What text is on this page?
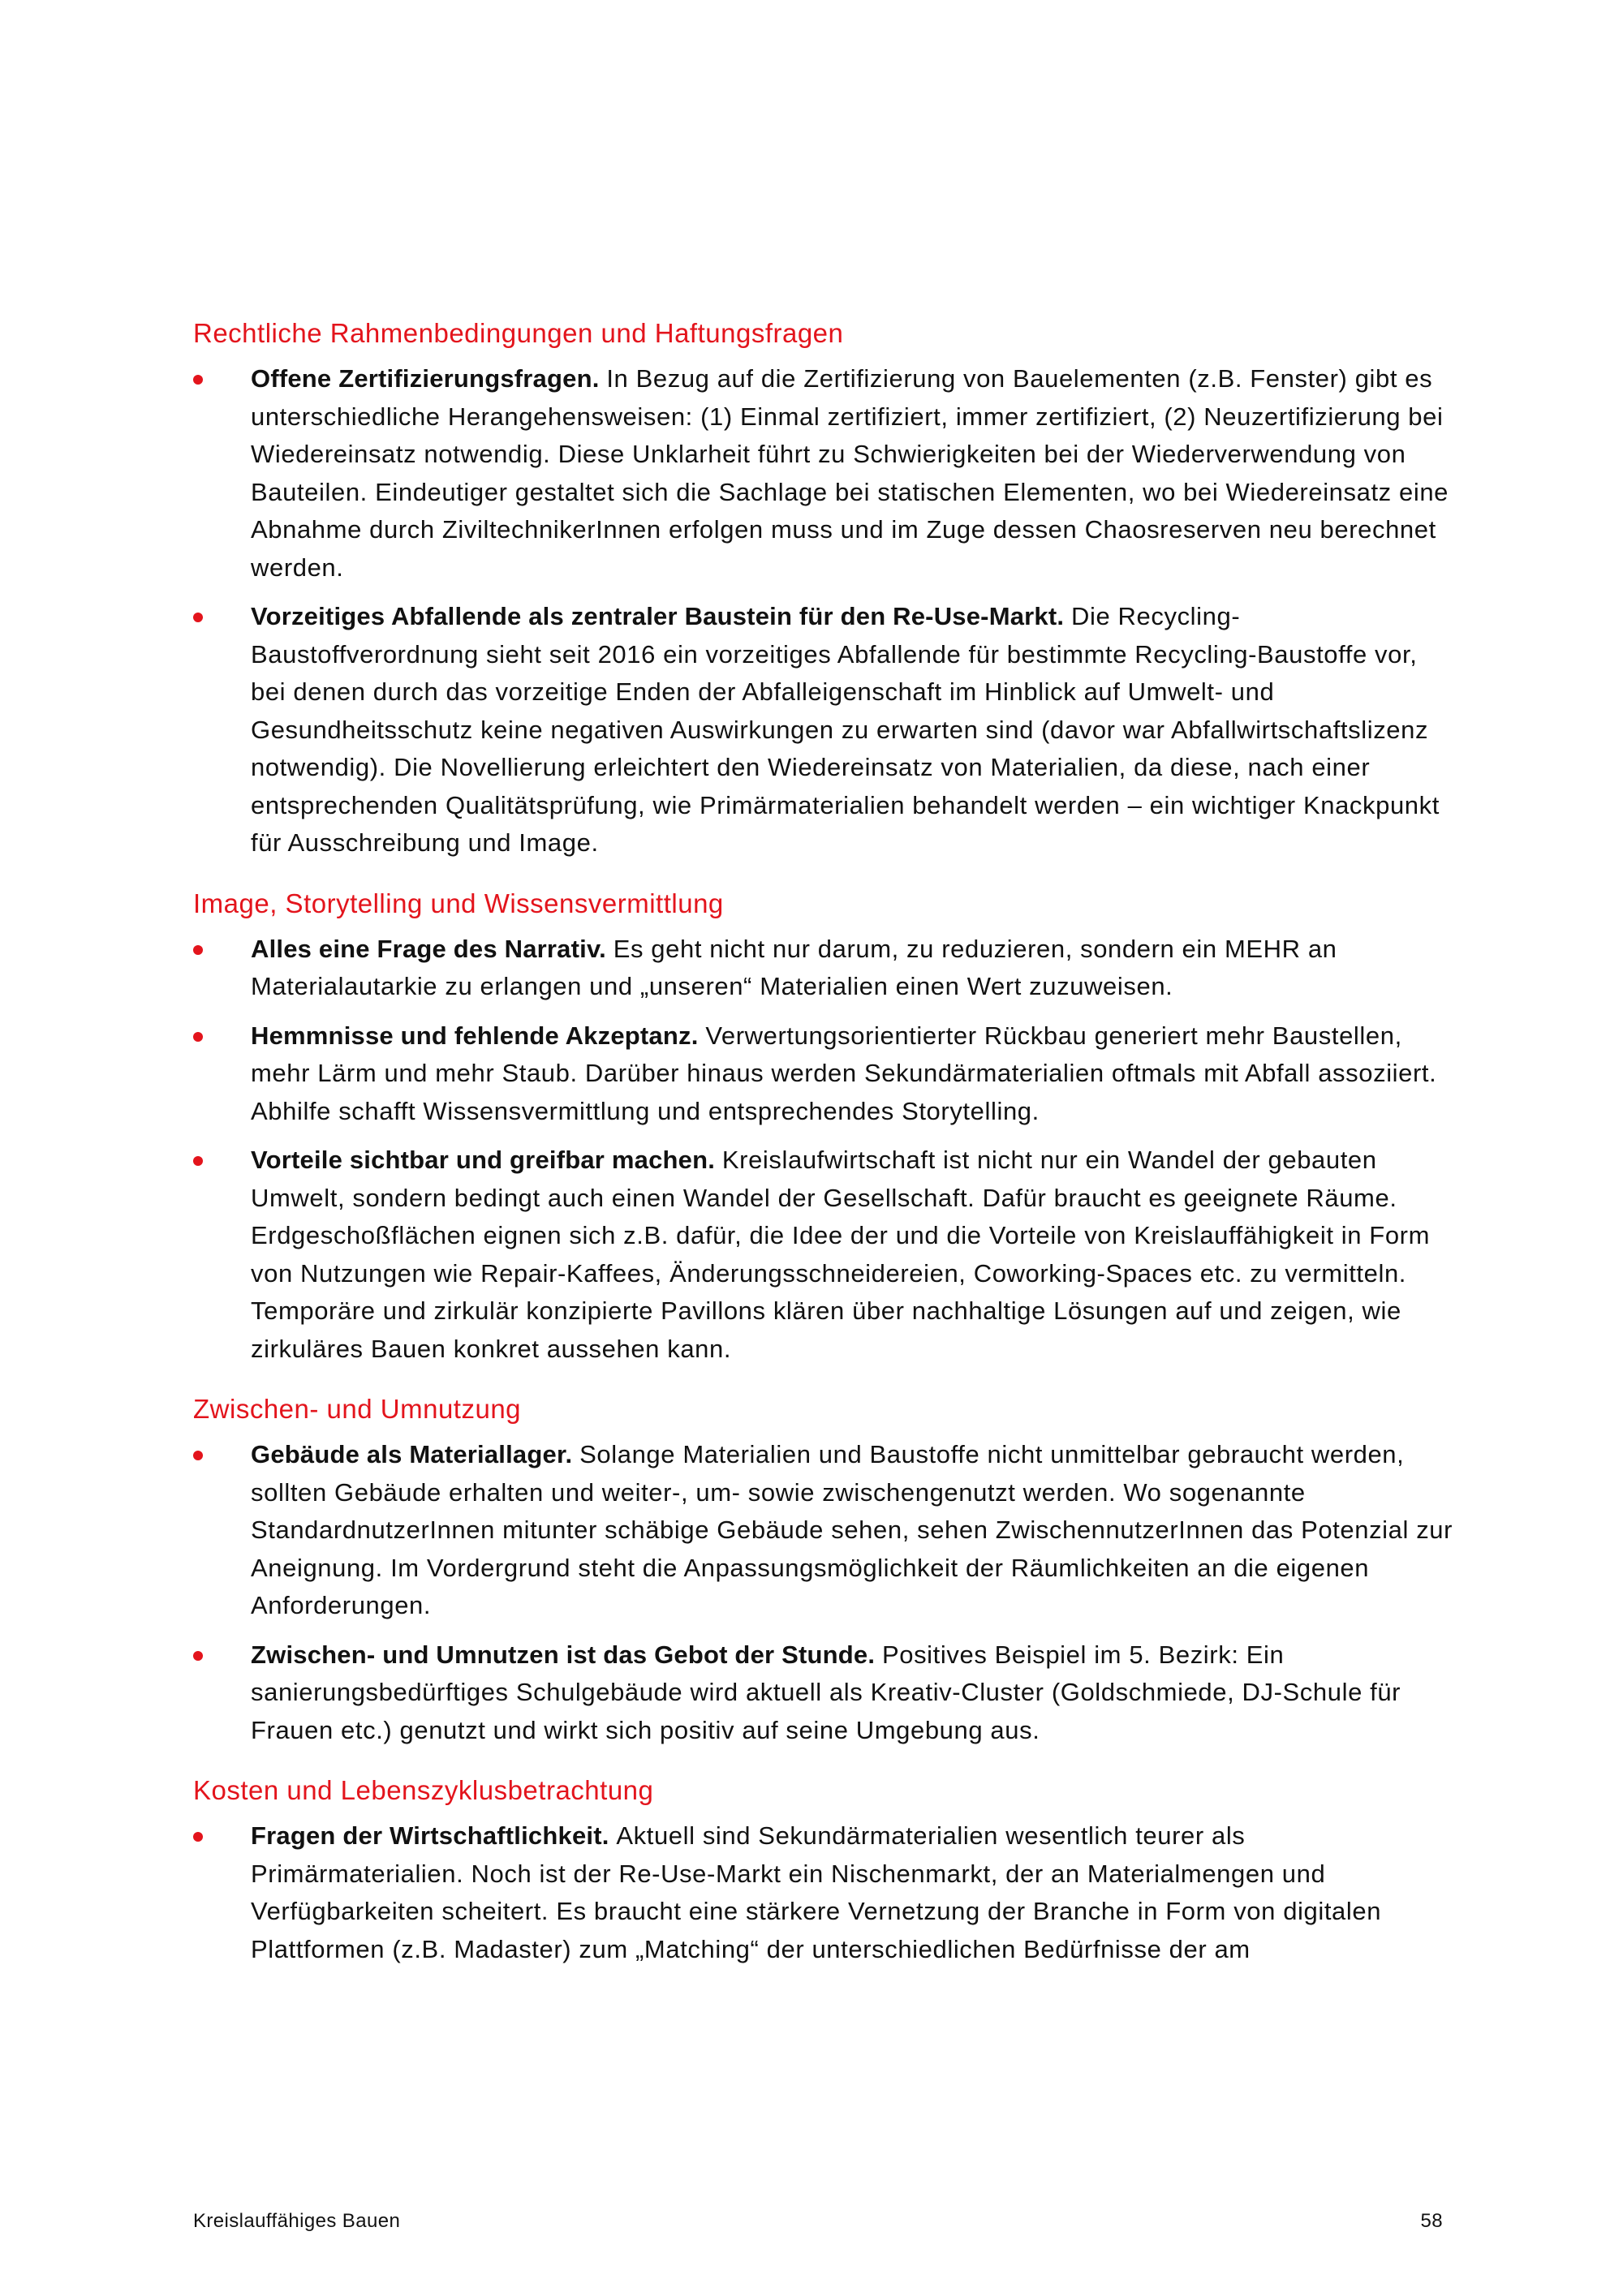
Rechtliche Rahmenbedingungen und Haftungsfragen
Offene Zertifizierungsfragen. In Bezug auf die Zertifizierung von Bauelementen (z.B. Fenster) gibt es unterschiedliche Herangehensweisen: (1) Einmal zertifiziert, immer zertifiziert, (2) Neuzertifizierung bei Wiedereinsatz notwendig. Diese Unklarheit führt zu Schwierigkeiten bei der Wiederverwendung von Bauteilen. Eindeutiger gestaltet sich die Sachlage bei statischen Elementen, wo bei Wiedereinsatz eine Abnahme durch ZiviltechnikerInnen erfolgen muss und im Zuge dessen Chaosreserven neu berechnet werden.
Vorzeitiges Abfallende als zentraler Baustein für den Re-Use-Markt. Die Recycling-Baustoffverordnung sieht seit 2016 ein vorzeitiges Abfallende für bestimmte Recycling-Baustoffe vor, bei denen durch das vorzeitige Enden der Abfalleigenschaft im Hinblick auf Umwelt- und Gesundheitsschutz keine negativen Auswirkungen zu erwarten sind (davor war Abfallwirtschaftslizenz notwendig). Die Novellierung erleichtert den Wiedereinsatz von Materialien, da diese, nach einer entsprechenden Qualitätsprüfung, wie Primärmaterialien behandelt werden – ein wichtiger Knackpunkt für Ausschreibung und Image.
Image, Storytelling und Wissensvermittlung
Alles eine Frage des Narrativ. Es geht nicht nur darum, zu reduzieren, sondern ein MEHR an Materialautarkie zu erlangen und „unseren“ Materialien einen Wert zuzuweisen.
Hemmnisse und fehlende Akzeptanz. Verwertungsorientierter Rückbau generiert mehr Baustellen, mehr Lärm und mehr Staub. Darüber hinaus werden Sekundärmaterialien oftmals mit Abfall assoziiert. Abhilfe schafft Wissensvermittlung und entsprechendes Storytelling.
Vorteile sichtbar und greifbar machen. Kreislaufwirtschaft ist nicht nur ein Wandel der gebauten Umwelt, sondern bedingt auch einen Wandel der Gesellschaft. Dafür braucht es geeignete Räume. Erdgeschoßflächen eignen sich z.B. dafür, die Idee der und die Vorteile von Kreislauffähigkeit in Form von Nutzungen wie Repair-Kaffees, Änderungsschneidereien, Coworking-Spaces etc. zu vermitteln. Temporäre und zirkulär konzipierte Pavillons klären über nachhaltige Lösungen auf und zeigen, wie zirkuläres Bauen konkret aussehen kann.
Zwischen- und Umnutzung
Gebäude als Materiallager. Solange Materialien und Baustoffe nicht unmittelbar gebraucht werden, sollten Gebäude erhalten und weiter-, um- sowie zwischengenutzt werden. Wo sogenannte StandardnutzerInnen mitunter schäbige Gebäude sehen, sehen ZwischennutzerInnen das Potenzial zur Aneignung. Im Vordergrund steht die Anpassungsmöglichkeit der Räumlichkeiten an die eigenen Anforderungen.
Zwischen- und Umnutzen ist das Gebot der Stunde. Positives Beispiel im 5. Bezirk: Ein sanierungsbedürftiges Schulgebäude wird aktuell als Kreativ-Cluster (Goldschmiede, DJ-Schule für Frauen etc.) genutzt und wirkt sich positiv auf seine Umgebung aus.
Kosten und Lebenszyklusbetrachtung
Fragen der Wirtschaftlichkeit. Aktuell sind Sekundärmaterialien wesentlich teurer als Primärmaterialien. Noch ist der Re-Use-Markt ein Nischenmarkt, der an Materialmengen und Verfügbarkeiten scheitert. Es braucht eine stärkere Vernetzung der Branche in Form von digitalen Plattformen (z.B. Madaster) zum „Matching“ der unterschiedlichen Bedürfnisse der am
Kreislauffähiges Bauen	58
